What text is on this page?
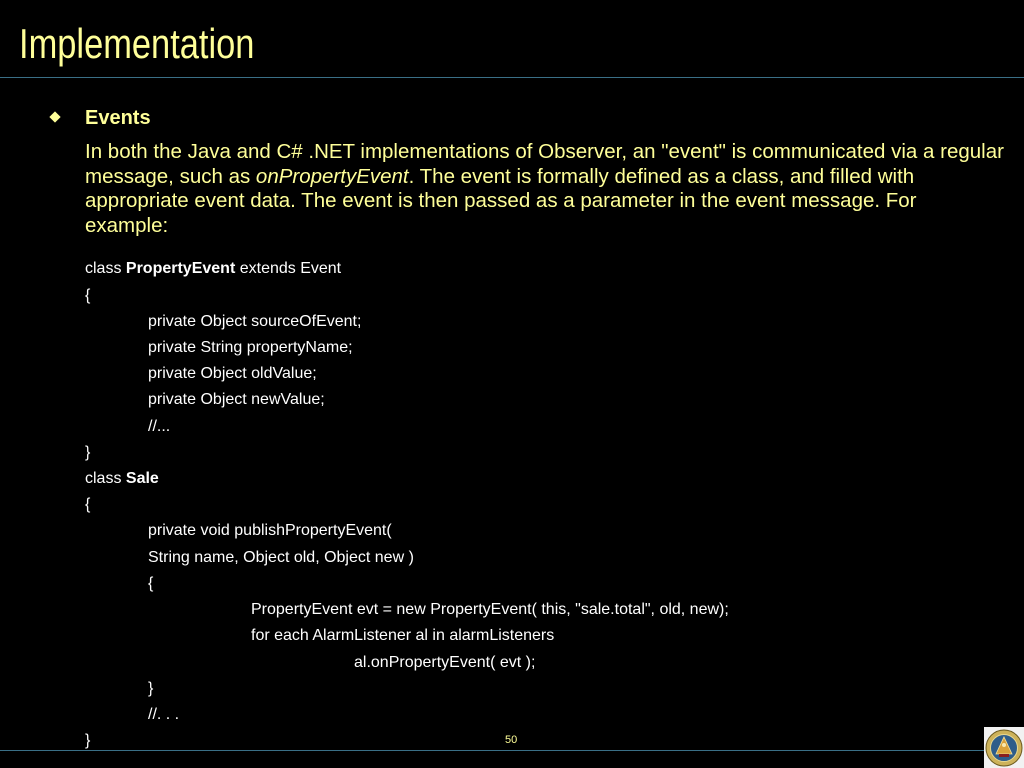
Implementation
Events

In both the Java and C# .NET implementations of Observer, an "event" is communicated via a regular message, such as onPropertyEvent. The event is formally defined as a class, and filled with appropriate event data. The event is then passed as a parameter in the event message. For example:

class PropertyEvent extends Event
{
private Object sourceOfEvent;
private String propertyName;
private Object oldValue;
private Object newValue;
//...
}
class Sale
{
private void publishPropertyEvent(
String name, Object old, Object new )
{
PropertyEvent evt = new PropertyEvent( this, "sale.total", old, new);
for each AlarmListener al in alarmListeners
al.onPropertyEvent( evt );
}
//. . .
}	50
